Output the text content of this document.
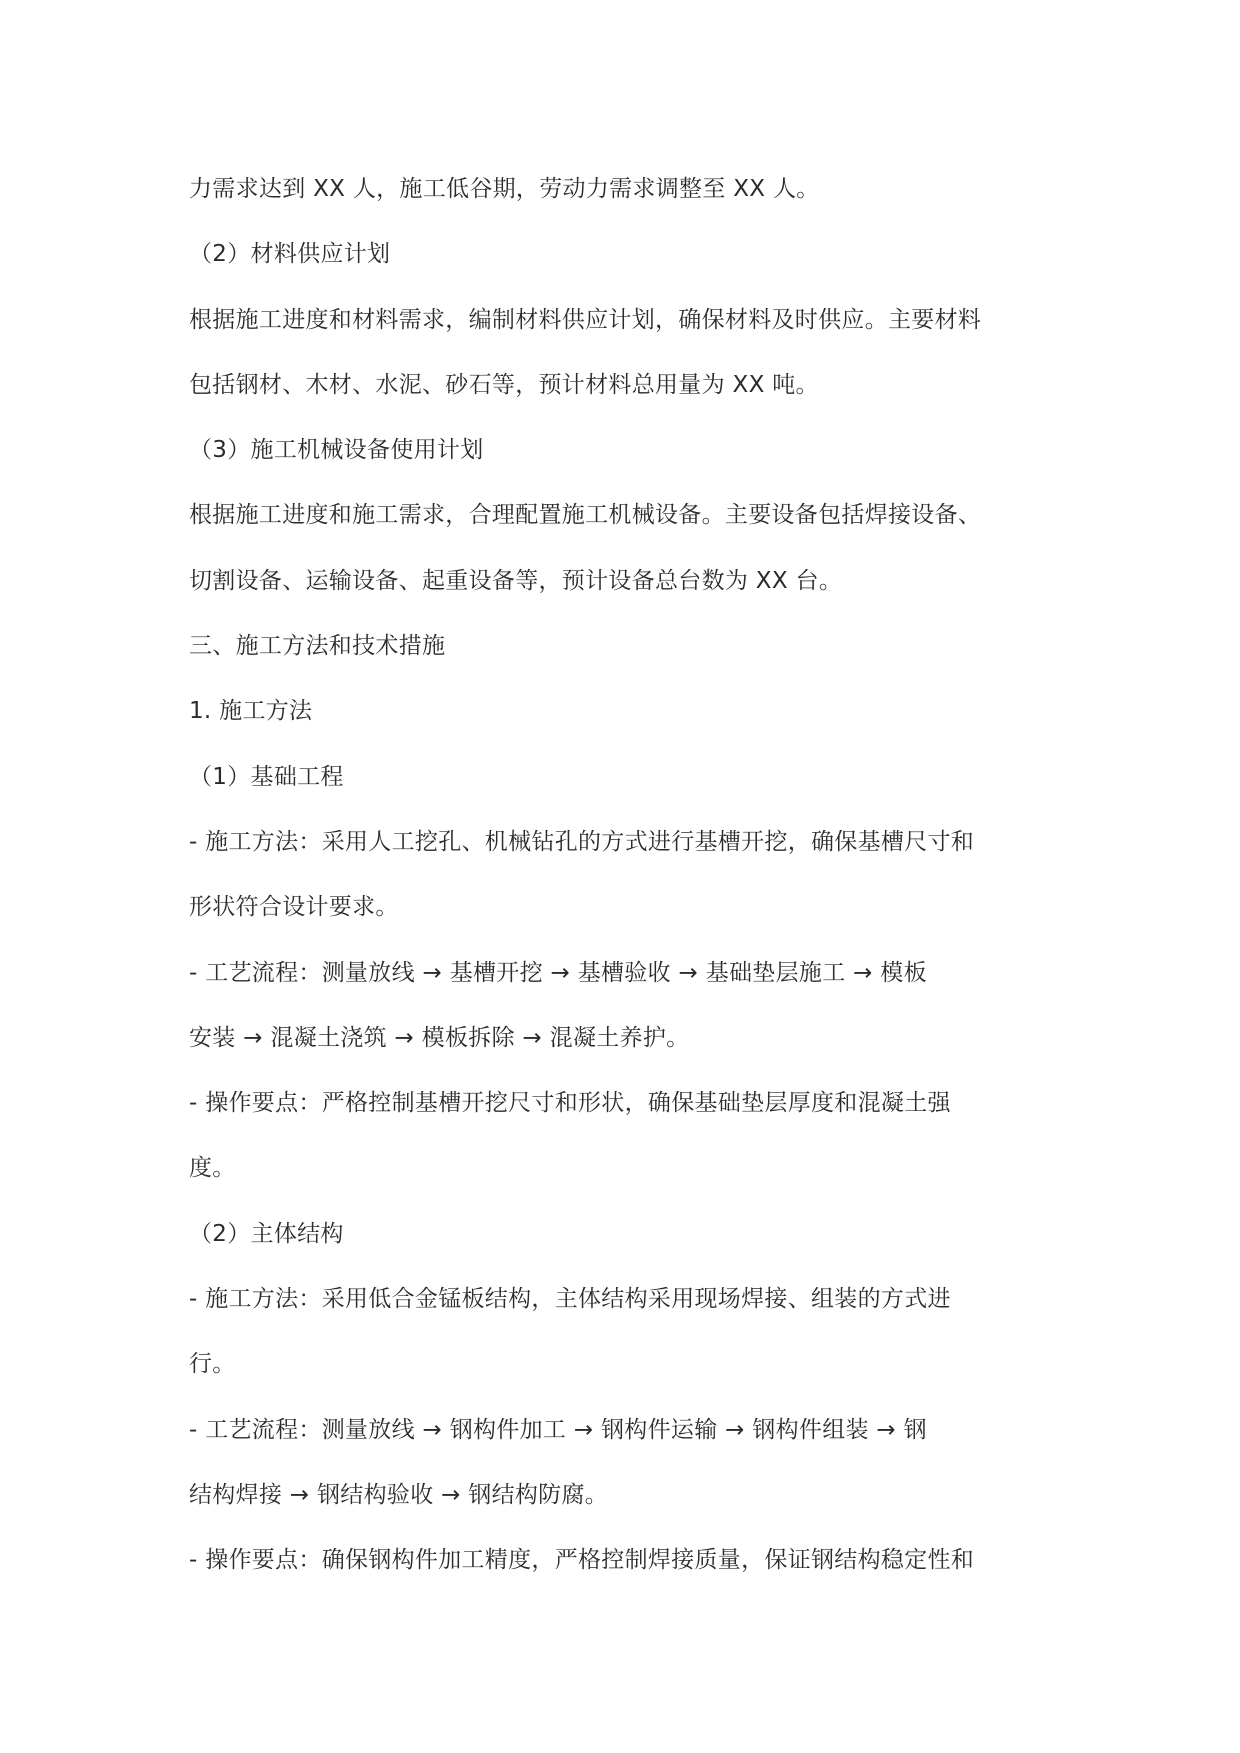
力需求达到 XX 人，施工低谷期，劳动力需求调整至 XX 人。

（2）材料供应计划

根据施工进度和材料需求，编制材料供应计划，确保材料及时供应。主要材料

包括钢材、木材、水泥、砂石等，预计材料总用量为 XX 吨。

（3）施工机械设备使用计划

根据施工进度和施工需求，合理配置施工机械设备。主要设备包括焊接设备、

切割设备、运输设备、起重设备等，预计设备总台数为 XX 台。

三、施工方法和技术措施

1. 施工方法

（1）基础工程

- 施工方法：采用人工挖孔、机械钻孔的方式进行基槽开挖，确保基槽尺寸和

形状符合设计要求。

- 工艺流程：测量放线 → 基槽开挖 → 基槽验收 → 基础垫层施工 → 模板

安装 → 混凝土浇筑 → 模板拆除 → 混凝土养护。

- 操作要点：严格控制基槽开挖尺寸和形状，确保基础垫层厚度和混凝土强

度。

（2）主体结构

- 施工方法：采用低合金锰板结构，主体结构采用现场焊接、组装的方式进

行。

- 工艺流程：测量放线 → 钢构件加工 → 钢构件运输 → 钢构件组装 → 钢

结构焊接 → 钢结构验收 → 钢结构防腐。

- 操作要点：确保钢构件加工精度，严格控制焊接质量，保证钢结构稳定性和
